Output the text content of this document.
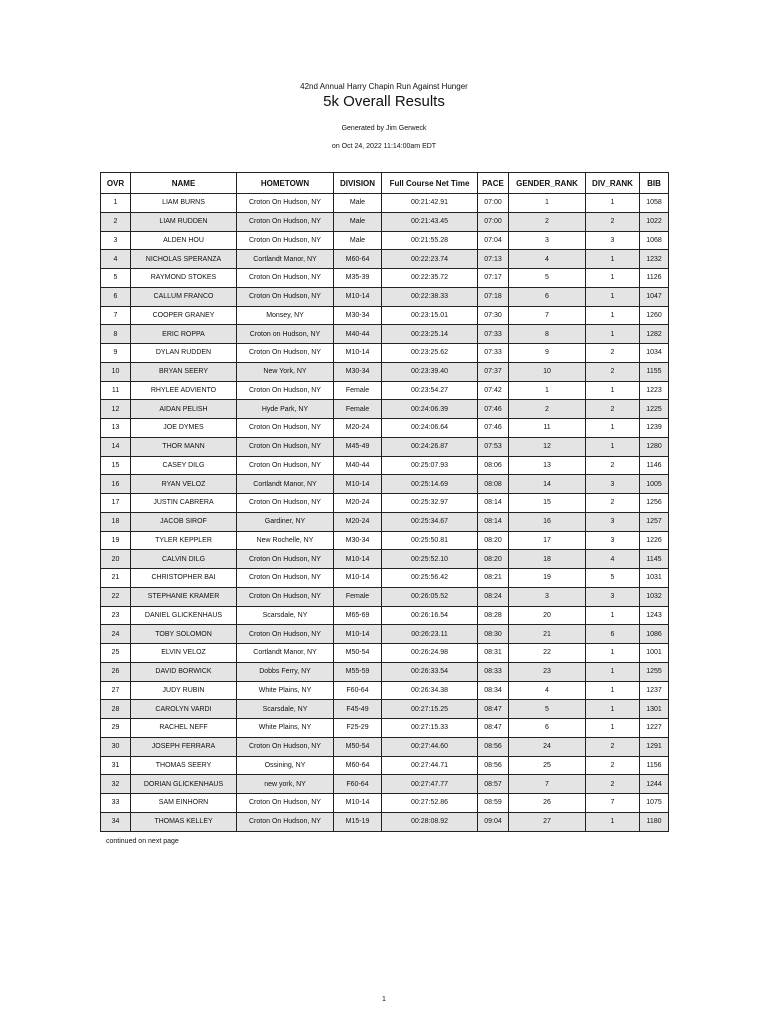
42nd Annual Harry Chapin Run Against Hunger
5k Overall Results
Generated by Jim Gerweck
on Oct 24, 2022 11:14:00am EDT
OVR	NAME	HOMETOWN	DIVISION	Full Course Net Time	PACE	GENDER_RANK	DIV_RANK	BIB
1	LIAM BURNS	Croton On Hudson, NY	Male	00:21:42.91	07:00	1	1	1058
2	LIAM RUDDEN	Croton On Hudson, NY	Male	00:21:43.45	07:00	2	2	1022
3	ALDEN HOU	Croton On Hudson, NY	Male	00:21:55.28	07:04	3	3	1068
4	NICHOLAS SPERANZA	Cortlandt Manor, NY	M60-64	00:22:23.74	07:13	4	1	1232
5	RAYMOND STOKES	Croton On Hudson, NY	M35-39	00:22:35.72	07:17	5	1	1126
6	CALLUM FRANCO	Croton On Hudson, NY	M10-14	00:22:38.33	07:18	6	1	1047
7	COOPER GRANEY	Monsey, NY	M30-34	00:23:15.01	07:30	7	1	1260
8	ERIC ROPPA	Croton on Hudson, NY	M40-44	00:23:25.14	07:33	8	1	1282
9	DYLAN RUDDEN	Croton On Hudson, NY	M10-14	00:23:25.62	07:33	9	2	1034
10	BRYAN SEERY	New York, NY	M30-34	00:23:39.40	07:37	10	2	1155
11	RHYLEE ADVIENTO	Croton On Hudson, NY	Female	00:23:54.27	07:42	1	1	1223
12	AIDAN PELISH	Hyde Park, NY	Female	00:24:06.39	07:46	2	2	1225
13	JOE DYMES	Croton On Hudson, NY	M20-24	00:24:06.64	07:46	11	1	1239
14	THOR MANN	Croton On Hudson, NY	M45-49	00:24:26.87	07:53	12	1	1280
15	CASEY DILG	Croton On Hudson, NY	M40-44	00:25:07.93	08:06	13	2	1146
16	RYAN VELOZ	Cortlandt Manor, NY	M10-14	00:25:14.69	08:08	14	3	1005
17	JUSTIN CABRERA	Croton On Hudson, NY	M20-24	00:25:32.97	08:14	15	2	1256
18	JACOB SIROF	Gardiner, NY	M20-24	00:25:34.67	08:14	16	3	1257
19	TYLER KEPPLER	New Rochelle, NY	M30-34	00:25:50.81	08:20	17	3	1226
20	CALVIN DILG	Croton On Hudson, NY	M10-14	00:25:52.10	08:20	18	4	1145
21	CHRISTOPHER BAI	Croton On Hudson, NY	M10-14	00:25:56.42	08:21	19	5	1031
22	STEPHANIE KRAMER	Croton On Hudson, NY	Female	00:26:05.52	08:24	3	3	1032
23	DANIEL GLICKENHAUS	Scarsdale, NY	M65-69	00:26:16.54	08:28	20	1	1243
24	TOBY SOLOMON	Croton On Hudson, NY	M10-14	00:26:23.11	08:30	21	6	1086
25	ELVIN VELOZ	Cortlandt Manor, NY	M50-54	00:26:24.98	08:31	22	1	1001
26	DAVID BORWICK	Dobbs Ferry, NY	M55-59	00:26:33.54	08:33	23	1	1255
27	JUDY RUBIN	White Plains, NY	F60-64	00:26:34.38	08:34	4	1	1237
28	CAROLYN VARDI	Scarsdale, NY	F45-49	00:27:15.25	08:47	5	1	1301
29	RACHEL NEFF	White Plains, NY	F25-29	00:27:15.33	08:47	6	1	1227
30	JOSEPH FERRARA	Croton On Hudson, NY	M50-54	00:27:44.60	08:56	24	2	1291
31	THOMAS SEERY	Ossining, NY	M60-64	00:27:44.71	08:56	25	2	1156
32	DORIAN GLICKENHAUS	new york, NY	F60-64	00:27:47.77	08:57	7	2	1244
33	SAM EINHORN	Croton On Hudson, NY	M10-14	00:27:52.86	08:59	26	7	1075
34	THOMAS KELLEY	Croton On Hudson, NY	M15-19	00:28:08.92	09:04	27	1	1180
continued on next page
1
